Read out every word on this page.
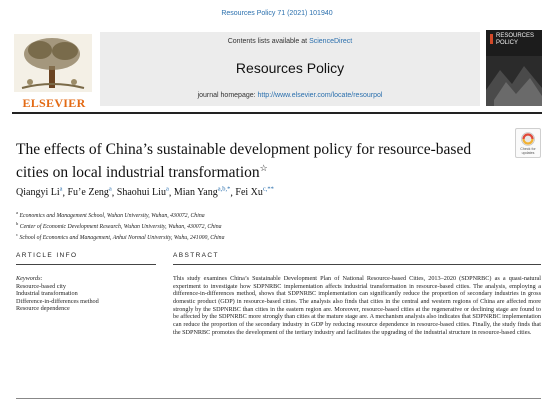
Resources Policy 71 (2021) 101940
ELSEVIER
Contents lists available at ScienceDirect
Resources Policy
journal homepage: http://www.elsevier.com/locate/resourpol
RESOURCES POLICY
Check for updates
The effects of China’s sustainable development policy for resource-based cities on local industrial transformation☆
Qiangyi Li$^a$, Fu’e Zeng$^a$, Shaohui Liu$^a$, Mian Yang$^{a,b,*}$, Fei $Xu^{c,**}$
$^a$ Economics and Management School, Wuhan University, Wuhan, 430072, China
$^b$ Center of Economic Development Research, Wuhan University, Wuhan, 430072, China
$^c$ School of Economics and Management, Anhui Normal University, Wuhu, 241000, China
ARTICLE INFO	ABSTRACT
Keywords:
Resource-based city
Industrial transformation
Difference-in-differences method
Resource dependence
This study examines China’s Sustainable Development Plan of National Resource-based Cities, 2013–2020 (SDPNRBC) as a quasi-natural experiment to investigate how SDPNRBC implementation affects industrial transformation in resource-based cities. The analysis, employing a difference-in-differences method, shows that SDPNRBC implementation can significantly reduce the proportion of secondary industries in gross domestic product (GDP) in resource-based cities. The analysis also finds that cities in the central and western regions of China are affected more strongly by the SDPNRBC than cities in the eastern region are. Moreover, resource-based cities at the regenerative or declining stage are found to be affected by the SDPNRBC more strongly than cities at the mature stage are. A mechanism analysis also indicates that SDPNRBC implementation can reduce the proportion of the secondary industry in GDP by reducing resource dependence in resource-based cities. Finally, the study finds that the SDPNRBC promotes the development of the tertiary industry and facilitates the upgrading of the industrial structure in resource-based cities.
